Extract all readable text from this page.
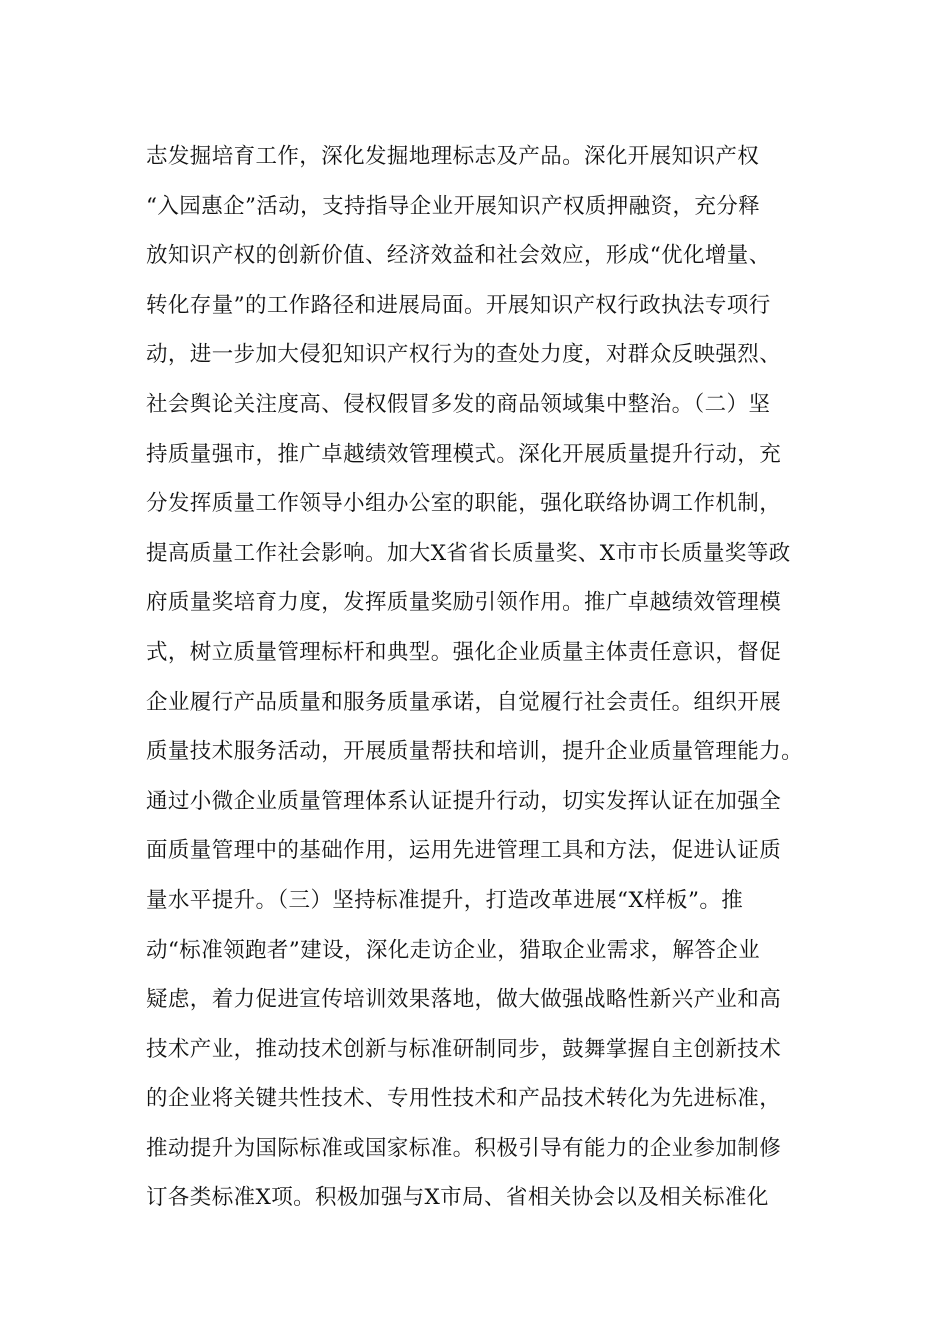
志发掘培育工作，深化发掘地理标志及产品。深化开展知识产权
“入园惠企”活动，支持指导企业开展知识产权质押融资，充分释
放知识产权的创新价值、经济效益和社会效应，形成“优化增量、
转化存量”的工作路径和进展局面。开展知识产权行政执法专项行
动，进一步加大侵犯知识产权行为的查处力度，对群众反映强烈、
社会舆论关注度高、侵权假冒多发的商品领域集中整治。（二）坚
持质量强市，推广卓越绩效管理模式。深化开展质量提升行动，充
分发挥质量工作领导小组办公室的职能，强化联络协调工作机制，
提高质量工作社会影响。加大X省省长质量奖、X市市长质量奖等政
府质量奖培育力度，发挥质量奖励引领作用。推广卓越绩效管理模
式，树立质量管理标杆和典型。强化企业质量主体责任意识，督促
企业履行产品质量和服务质量承诺，自觉履行社会责任。组织开展
质量技术服务活动，开展质量帮扶和培训，提升企业质量管理能力。
通过小微企业质量管理体系认证提升行动，切实发挥认证在加强全
面质量管理中的基础作用，运用先进管理工具和方法，促进认证质
量水平提升。（三）坚持标准提升，打造改革进展“X样板”。推
动“标准领跑者”建设，深化走访企业，猎取企业需求，解答企业
疑虑，着力促进宣传培训效果落地，做大做强战略性新兴产业和高
技术产业，推动技术创新与标准研制同步，鼓舞掌握自主创新技术
的企业将关键共性技术、专用性技术和产品技术转化为先进标准，
推动提升为国际标准或国家标准。积极引导有能力的企业参加制修
订各类标准X项。积极加强与X市局、省相关协会以及相关标准化
